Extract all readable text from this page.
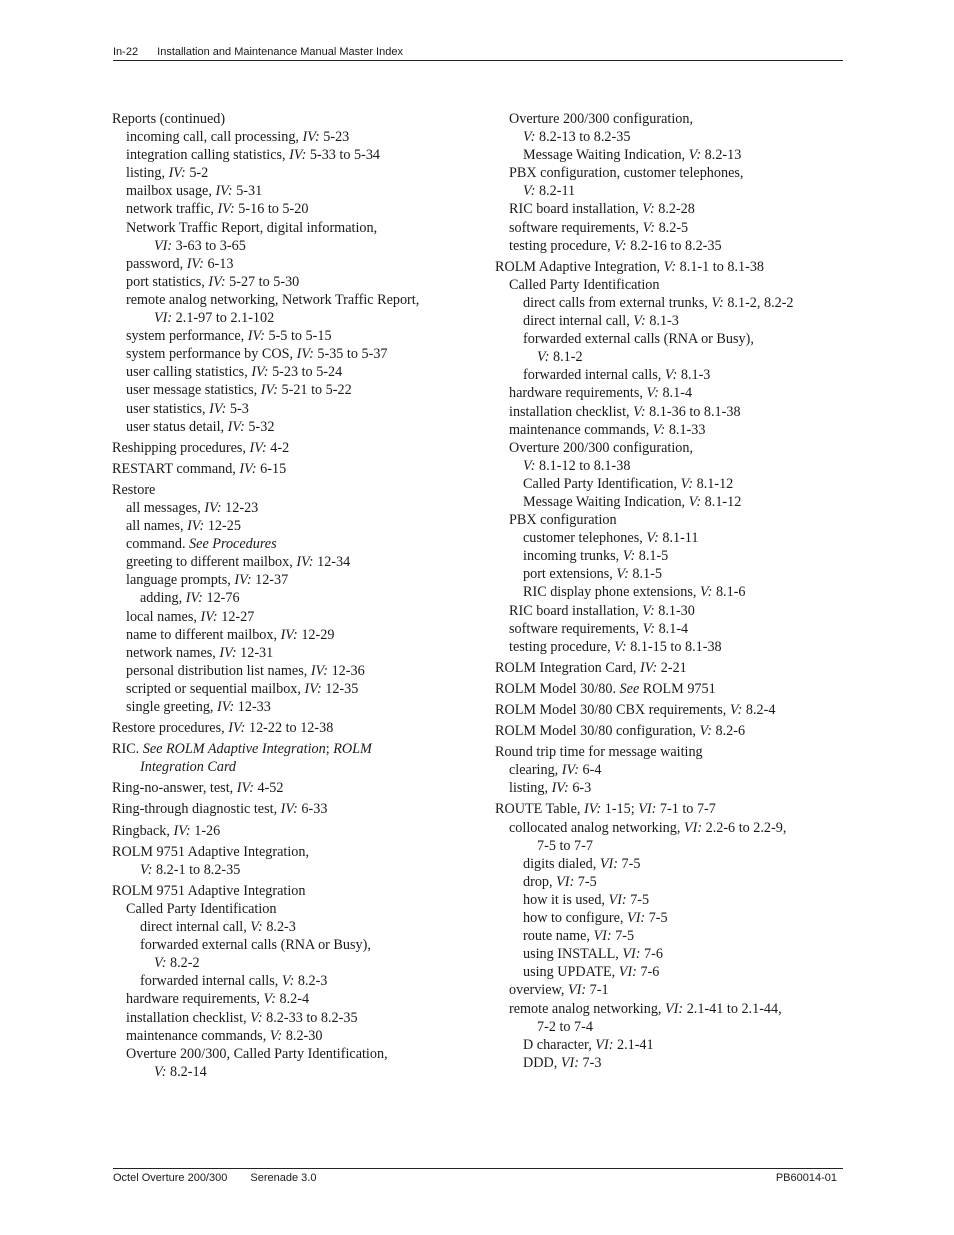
In-22 Installation and Maintenance Manual Master Index
Reports (continued)
incoming call, call processing, IV: 5-23
integration calling statistics, IV: 5-33 to 5-34
listing, IV: 5-2
mailbox usage, IV: 5-31
network traffic, IV: 5-16 to 5-20
Network Traffic Report, digital information,
VI: 3-63 to 3-65
password, IV: 6-13
port statistics, IV: 5-27 to 5-30
remote analog networking, Network Traffic Report,
VI: 2.1-97 to 2.1-102
system performance, IV: 5-5 to 5-15
system performance by COS, IV: 5-35 to 5-37
user calling statistics, IV: 5-23 to 5-24
user message statistics, IV: 5-21 to 5-22
user statistics, IV: 5-3
user status detail, IV: 5-32
Reshipping procedures, IV: 4-2
RESTART command, IV: 6-15
Restore
all messages, IV: 12-23
all names, IV: 12-25
command. See Procedures
greeting to different mailbox, IV: 12-34
language prompts, IV: 12-37
adding, IV: 12-76
local names, IV: 12-27
name to different mailbox, IV: 12-29
network names, IV: 12-31
personal distribution list names, IV: 12-36
scripted or sequential mailbox, IV: 12-35
single greeting, IV: 12-33
Restore procedures, IV: 12-22 to 12-38
RIC. See ROLM Adaptive Integration; ROLM
Integration Card
Ring-no-answer, test, IV: 4-52
Ring-through diagnostic test, IV: 6-33
Ringback, IV: 1-26
ROLM 9751 Adaptive Integration,
V: 8.2-1 to 8.2-35
ROLM 9751 Adaptive Integration
Called Party Identification
direct internal call, V: 8.2-3
forwarded external calls (RNA or Busy),
V: 8.2-2
forwarded internal calls, V: 8.2-3
hardware requirements, V: 8.2-4
installation checklist, V: 8.2-33 to 8.2-35
maintenance commands, V: 8.2-30
Overture 200/300, Called Party Identification,
V: 8.2-14
Overture 200/300 configuration,
V: 8.2-13 to 8.2-35
Message Waiting Indication, V: 8.2-13
PBX configuration, customer telephones,
V: 8.2-11
RIC board installation, V: 8.2-28
software requirements, V: 8.2-5
testing procedure, V: 8.2-16 to 8.2-35
ROLM Adaptive Integration, V: 8.1-1 to 8.1-38
Called Party Identification
direct calls from external trunks, V: 8.1-2, 8.2-2
direct internal call, V: 8.1-3
forwarded external calls (RNA or Busy),
V: 8.1-2
forwarded internal calls, V: 8.1-3
hardware requirements, V: 8.1-4
installation checklist, V: 8.1-36 to 8.1-38
maintenance commands, V: 8.1-33
Overture 200/300 configuration,
V: 8.1-12 to 8.1-38
Called Party Identification, V: 8.1-12
Message Waiting Indication, V: 8.1-12
PBX configuration
customer telephones, V: 8.1-11
incoming trunks, V: 8.1-5
port extensions, V: 8.1-5
RIC display phone extensions, V: 8.1-6
RIC board installation, V: 8.1-30
software requirements, V: 8.1-4
testing procedure, V: 8.1-15 to 8.1-38
ROLM Integration Card, IV: 2-21
ROLM Model 30/80. See ROLM 9751
ROLM Model 30/80 CBX requirements, V: 8.2-4
ROLM Model 30/80 configuration, V: 8.2-6
Round trip time for message waiting
clearing, IV: 6-4
listing, IV: 6-3
ROUTE Table, IV: 1-15; VI: 7-1 to 7-7
collocated analog networking, VI: 2.2-6 to 2.2-9,
7-5 to 7-7
digits dialed, VI: 7-5
drop, VI: 7-5
how it is used, VI: 7-5
how to configure, VI: 7-5
route name, VI: 7-5
using INSTALL, VI: 7-6
using UPDATE, VI: 7-6
overview, VI: 7-1
remote analog networking, VI: 2.1-41 to 2.1-44,
7-2 to 7-4
D character, VI: 2.1-41
DDD, VI: 7-3
Octel Overture 200/300 Serenade 3.0	PB60014-01
